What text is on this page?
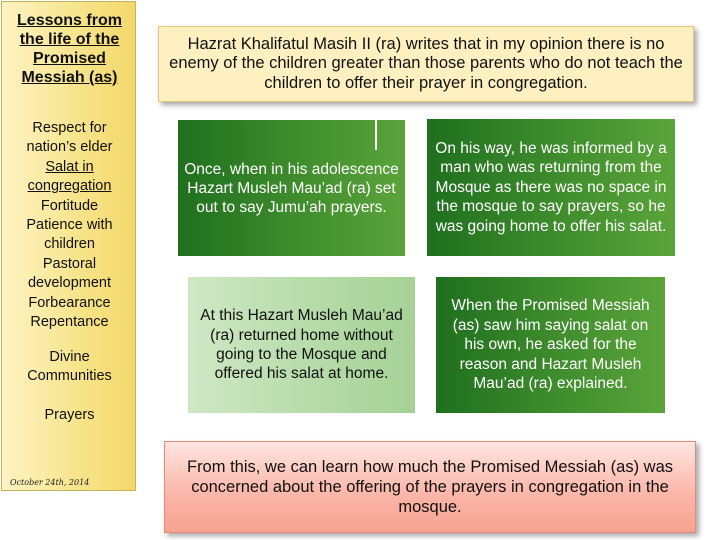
Lessons from
the life of the
Promised
Messiah (as)
Respect for
nation’s elder
Salat in
congregation
Fortitude
Patience with
children
Pastoral
development
Forbearance
Repentance
Divine
Communities
Prayers
October 24th, 2014
Hazrat Khalifatul Masih II (ra) writes that in my opinion there is no enemy of the children greater than those parents who do not teach the children to offer their prayer in congregation.
Once, when in his adolescence Hazart Musleh Mau’ad (ra) set out to say Jumu’ah prayers.
On his way, he was informed by a man who was returning from the Mosque as there was no space in the mosque to say prayers, so he was going home to offer his salat.
At this Hazart Musleh Mau’ad (ra) returned home without going to the Mosque and offered his salat at home.
When the Promised Messiah (as) saw him saying salat on his own, he asked for the reason and Hazart Musleh Mau’ad (ra) explained.
From this, we can learn how much the Promised Messiah (as) was concerned about the offering of the prayers in congregation in the mosque.
